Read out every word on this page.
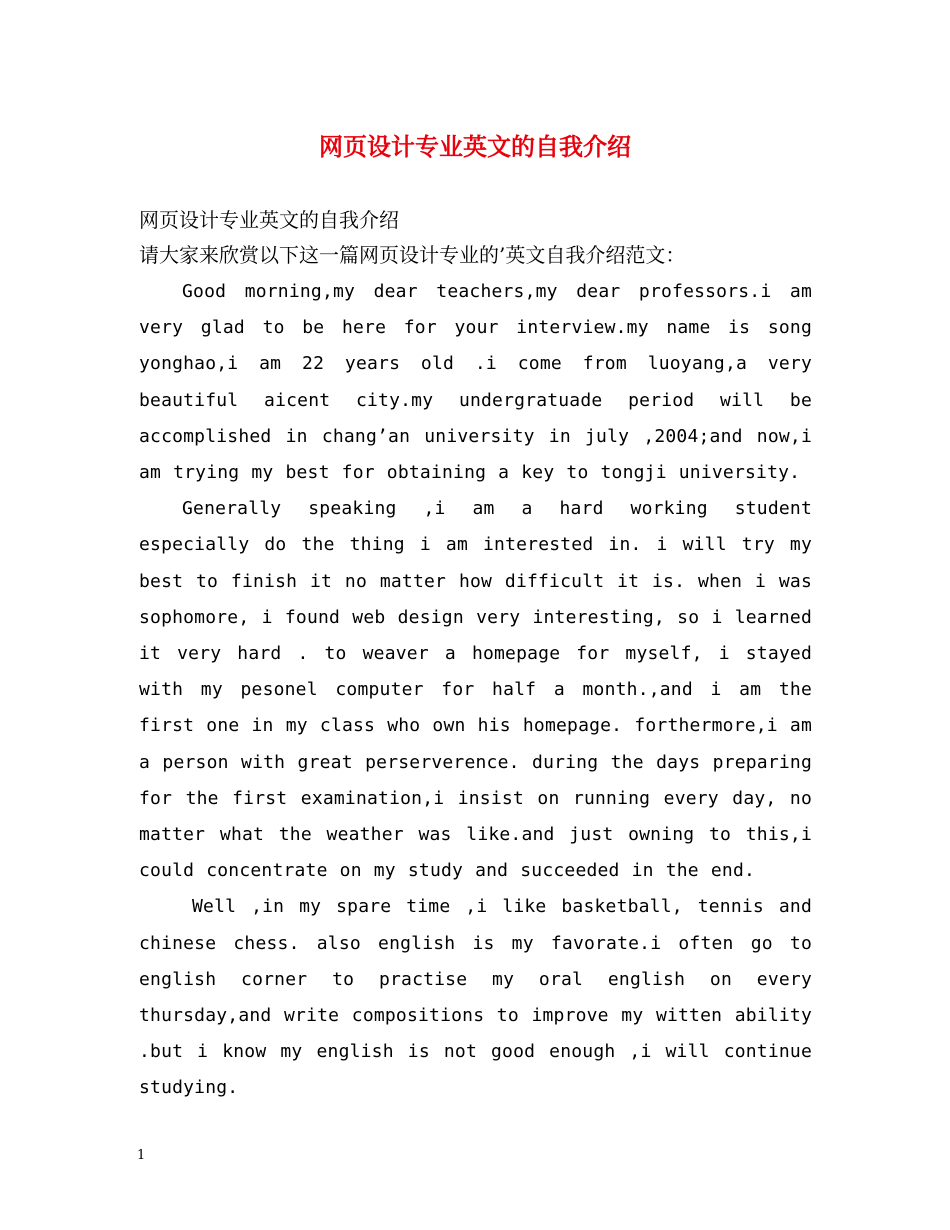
网页设计专业英文的自我介绍

网页设计专业英文的自我介绍

请大家来欣赏以下这一篇网页设计专业的’英文自我介绍范文：

Good morning,my dear teachers,my dear professors.i am very glad to be here for your interview.my name is song yonghao,i am 22 years old .i come from luoyang,a very beautiful aicent city.my undergratuade period will be accomplished in chang’an university in july ,2004;and now,i am trying my best for obtaining a key to tongji university.

Generally speaking ,i am a hard working student especially do the thing i am interested in. i will try my best to finish it no matter how difficult it is. when i was sophomore, i found web design very interesting, so i learned it very hard . to weaver a homepage for myself, i stayed with my pesonel computer for half a month.,and i am the first one in my class who own his homepage. forthermore,i am a person with great perserverence. during the days preparing for the first examination,i insist on running every day, no matter what the weather was like.and just owning to this,i could concentrate on my study and succeeded in the end.

Well ,in my spare time ,i like basketball, tennis and chinese chess. also english is my favorate.i often go to english corner to practise my oral english on every thursday,and write compositions to improve my witten ability .but i know my english is not good enough ,i will continue studying.

1
